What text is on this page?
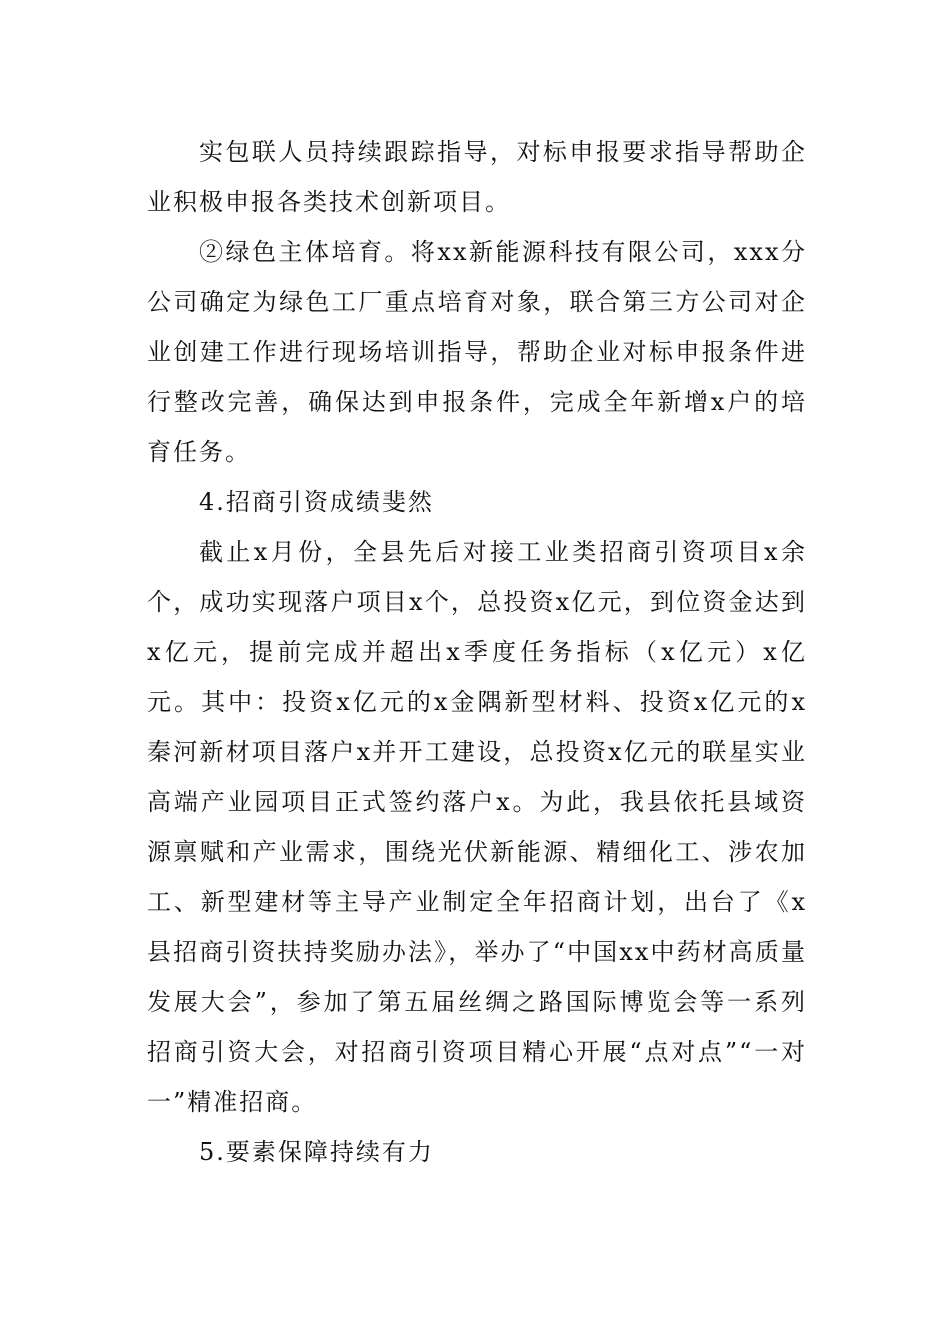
实包联人员持续跟踪指导，对标申报要求指导帮助企业积极申报各类技术创新项目。

②绿色主体培育。将xx新能源科技有限公司，xxx分公司确定为绿色工厂重点培育对象，联合第三方公司对企业创建工作进行现场培训指导，帮助企业对标申报条件进行整改完善，确保达到申报条件，完成全年新增x户的培育任务。

4.招商引资成绩斐然

截止x月份，全县先后对接工业类招商引资项目x余个，成功实现落户项目x个，总投资x亿元，到位资金达到x亿元，提前完成并超出x季度任务指标（x亿元）x亿元。其中：投资x亿元的x金隅新型材料、投资x亿元的x秦河新材项目落户x并开工建设，总投资x亿元的联星实业高端产业园项目正式签约落户x。为此，我县依托县域资源禀赋和产业需求，围绕光伏新能源、精细化工、涉农加工、新型建材等主导产业制定全年招商计划，出台了《x县招商引资扶持奖励办法》，举办了“中国xx中药材高质量发展大会”，参加了第五届丝绸之路国际博览会等一系列招商引资大会，对招商引资项目精心开展“点对点”“一对一”精准招商。

5.要素保障持续有力
